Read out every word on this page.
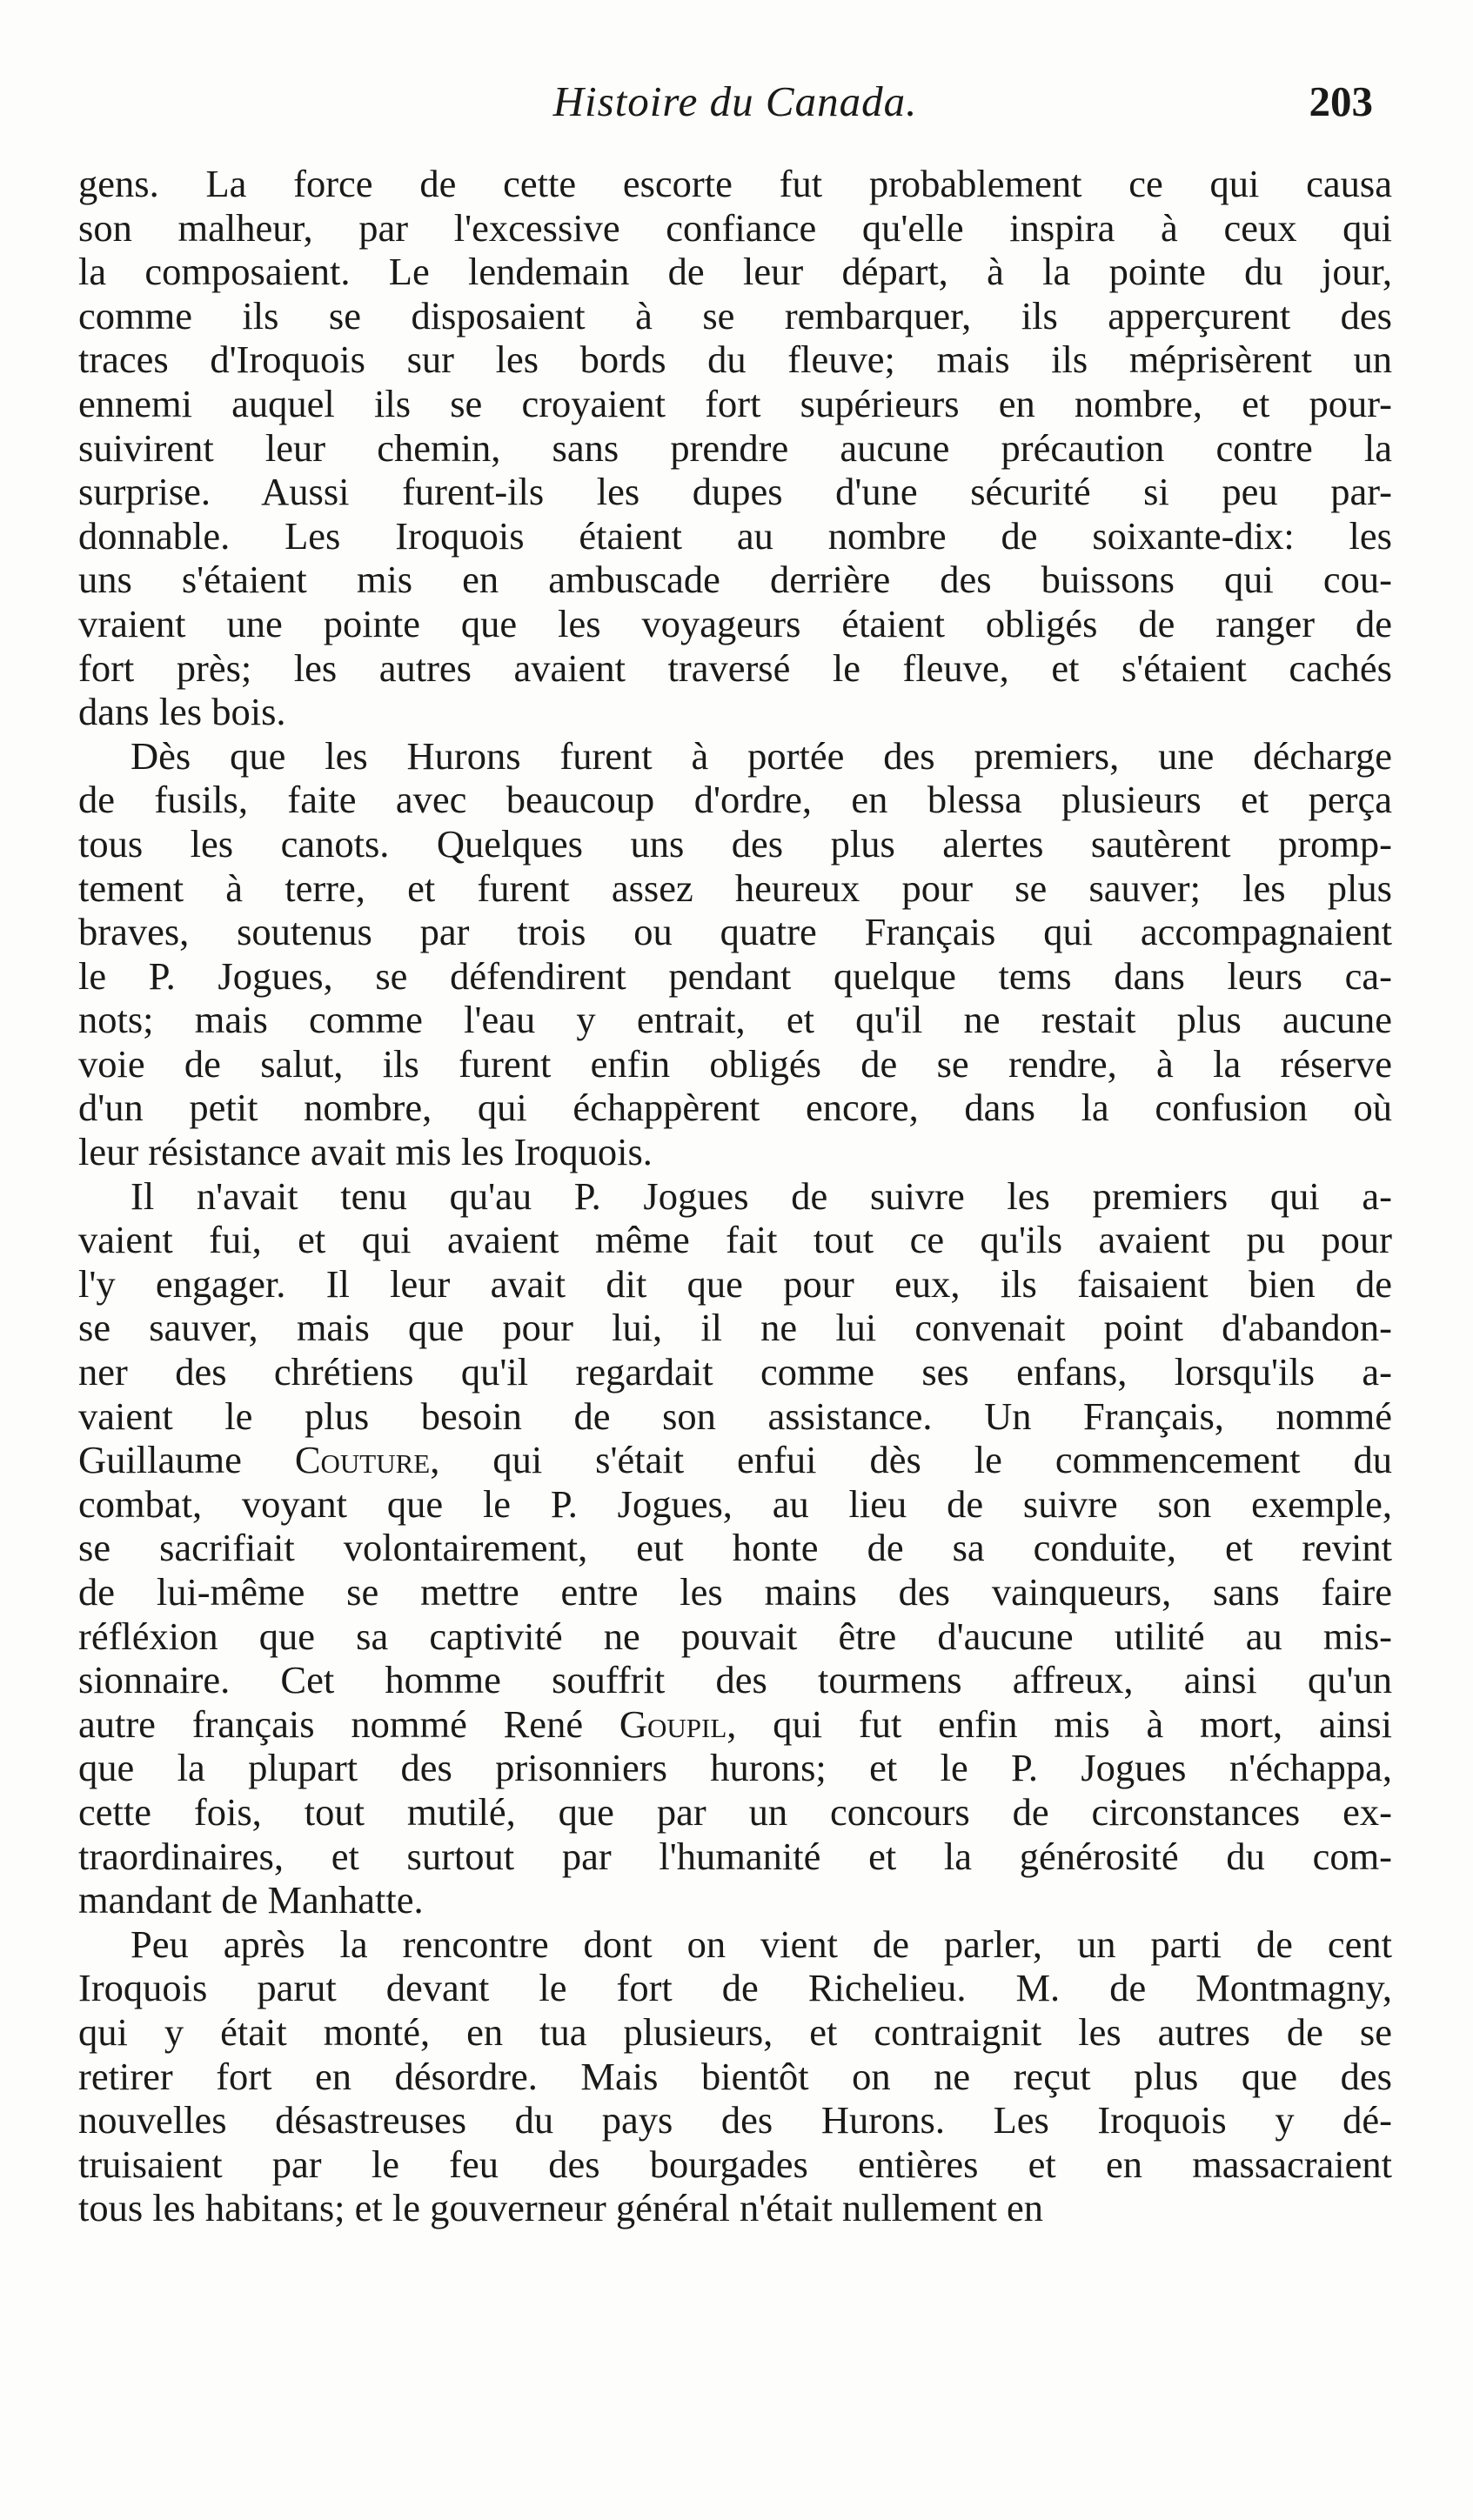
Histoire du Canada.	203
gens. La force de cette escorte fut probablement ce qui causa
son malheur, par l'excessive confiance qu'elle inspira à ceux qui
la composaient. Le lendemain de leur départ, à la pointe du jour,
comme ils se disposaient à se rembarquer, ils apperçurent des
traces d'Iroquois sur les bords du fleuve; mais ils méprisèrent un
ennemi auquel ils se croyaient fort supérieurs en nombre, et pour-
suivirent leur chemin, sans prendre aucune précaution contre la
surprise. Aussi furent-ils les dupes d'une sécurité si peu par-
donnable. Les Iroquois étaient au nombre de soixante-dix: les
uns s'étaient mis en ambuscade derrière des buissons qui cou-
vraient une pointe que les voyageurs étaient obligés de ranger de
fort près; les autres avaient traversé le fleuve, et s'étaient cachés
dans les bois.
Dès que les Hurons furent à portée des premiers, une décharge
de fusils, faite avec beaucoup d'ordre, en blessa plusieurs et perça
tous les canots. Quelques uns des plus alertes sautèrent promp-
tement à terre, et furent assez heureux pour se sauver; les plus
braves, soutenus par trois ou quatre Français qui accompagnaient
le P. Jogues, se défendirent pendant quelque tems dans leurs ca-
nots; mais comme l'eau y entrait, et qu'il ne restait plus aucune
voie de salut, ils furent enfin obligés de se rendre, à la réserve
d'un petit nombre, qui échappèrent encore, dans la confusion où
leur résistance avait mis les Iroquois.
Il n'avait tenu qu'au P. Jogues de suivre les premiers qui a-
vaient fui, et qui avaient même fait tout ce qu'ils avaient pu pour
l'y engager. Il leur avait dit que pour eux, ils faisaient bien de
se sauver, mais que pour lui, il ne lui convenait point d'abandon-
ner des chrétiens qu'il regardait comme ses enfans, lorsqu'ils a-
vaient le plus besoin de son assistance. Un Français, nommé
Guillaume Couture, qui s'était enfui dès le commencement du
combat, voyant que le P. Jogues, au lieu de suivre son exemple,
se sacrifiait volontairement, eut honte de sa conduite, et revint
de lui-même se mettre entre les mains des vainqueurs, sans faire
réfléxion que sa captivité ne pouvait être d'aucune utilité au mis-
sionnaire. Cet homme souffrit des tourmens affreux, ainsi qu'un
autre français nommé René Goupil, qui fut enfin mis à mort, ainsi
que la plupart des prisonniers hurons; et le P. Jogues n'échappa,
cette fois, tout mutilé, que par un concours de circonstances ex-
traordinaires, et surtout par l'humanité et la générosité du com-
mandant de Manhatte.
Peu après la rencontre dont on vient de parler, un parti de cent
Iroquois parut devant le fort de Richelieu. M. de Montmagny,
qui y était monté, en tua plusieurs, et contraignit les autres de se
retirer fort en désordre. Mais bientôt on ne reçut plus que des
nouvelles désastreuses du pays des Hurons. Les Iroquois y dé-
truisaient par le feu des bourgades entières et en massacraient
tous les habitans; et le gouverneur général n'était nullement en
